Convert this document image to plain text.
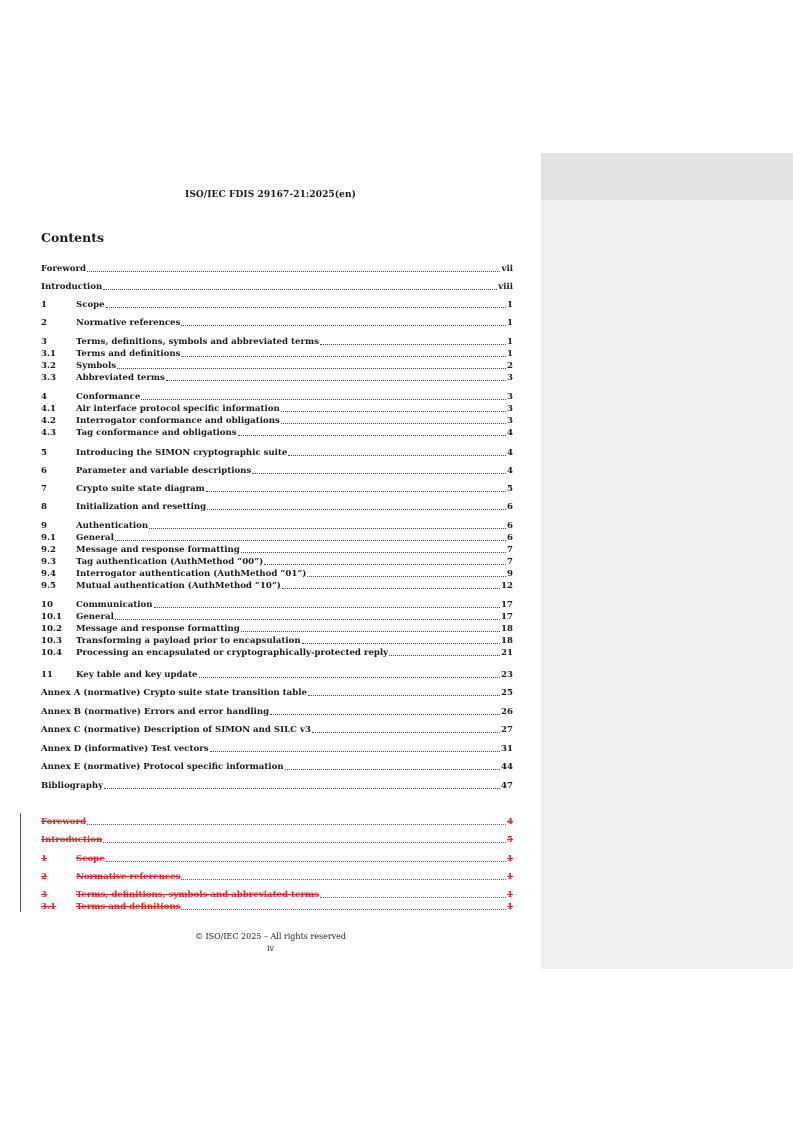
ISO/IEC FDIS 29167-21:2025(en)
Contents
Foreword	vii
Introduction	viii
1	Scope	1
2	Normative references	1
3	Terms, definitions, symbols and abbreviated terms	1
3.1	Terms and definitions	1
3.2	Symbols	2
3.3	Abbreviated terms	3
4	Conformance	3
4.1	Air interface protocol specific information	3
4.2	Interrogator conformance and obligations	3
4.3	Tag conformance and obligations	4
5	Introducing the SIMON cryptographic suite	4
6	Parameter and variable descriptions	4
7	Crypto suite state diagram	5
8	Initialization and resetting	6
9	Authentication	6
9.1	General	6
9.2	Message and response formatting	7
9.3	Tag authentication (AuthMethod “00”)	7
9.4	Interrogator authentication (AuthMethod “01”)	9
9.5	Mutual authentication (AuthMethod “10”)	12
10	Communication	17
10.1	General	17
10.2	Message and response formatting	18
10.3	Transforming a payload prior to encapsulation	18
10.4	Processing an encapsulated or cryptographically-protected reply	21
11	Key table and key update	23
Annex A (normative) Crypto suite state transition table	25
Annex B (normative) Errors and error handling	26
Annex C (normative) Description of SIMON and SILC v3	27
Annex D (informative) Test vectors	31
Annex E (normative) Protocol specific information	44
Bibliography	47
Foreword	4
Introduction	5
1	Scope	1
2	Normative references	1
3	Terms, definitions, symbols and abbreviated terms	1
3.1	Terms and definitions	1
© ISO/IEC 2025 – All rights reserved
iv
